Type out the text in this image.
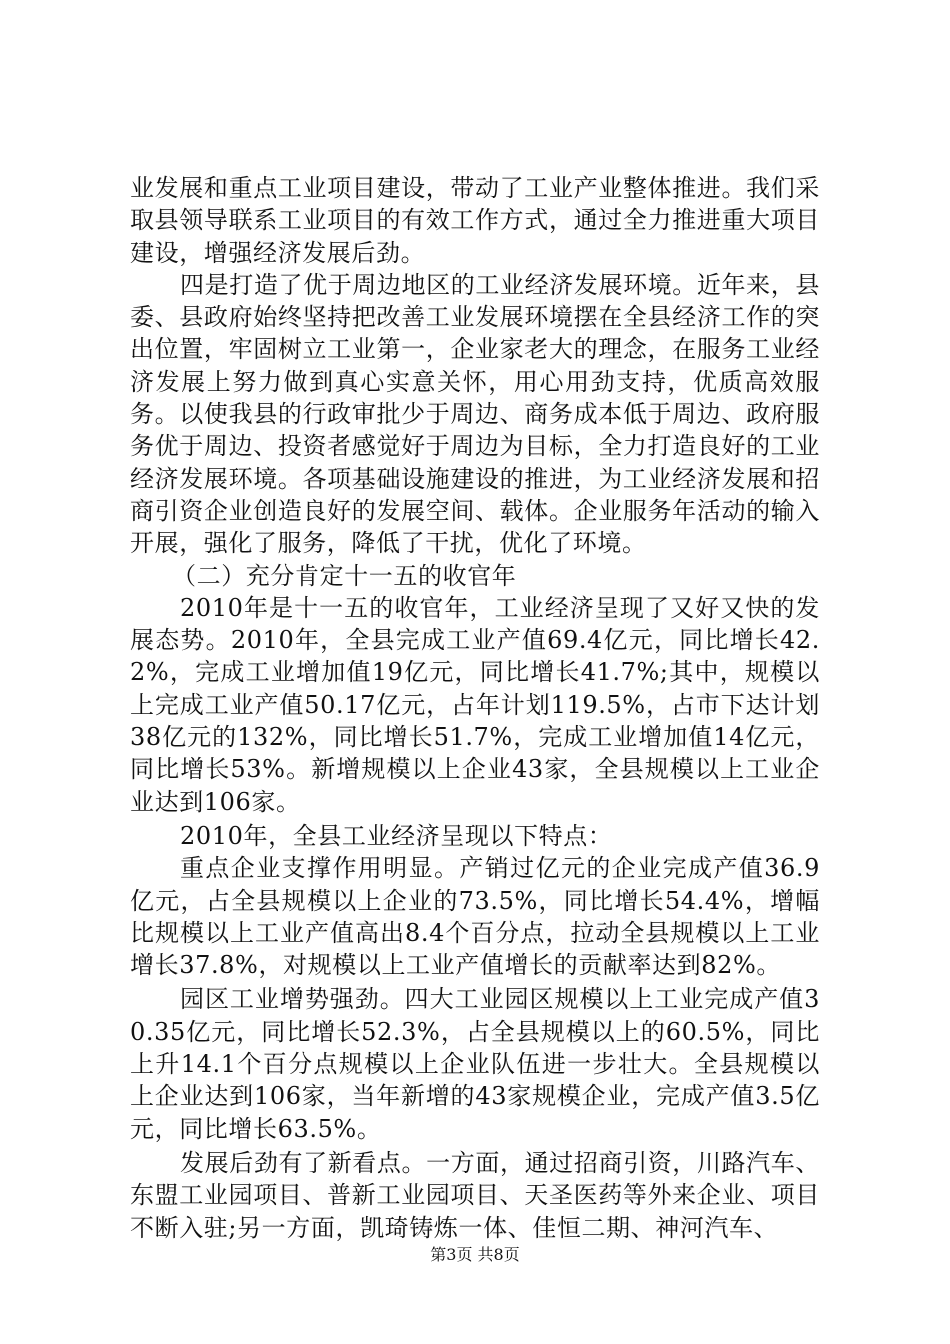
业发展和重点工业项目建设，带动了工业产业整体推进。我们采取县领导联系工业项目的有效工作方式，通过全力推进重大项目建设，增强经济发展后劲。

四是打造了优于周边地区的工业经济发展环境。近年来，县委、县政府始终坚持把改善工业发展环境摆在全县经济工作的突出位置，牢固树立工业第一，企业家老大的理念，在服务工业经济发展上努力做到真心实意关怀，用心用劲支持，优质高效服务。以使我县的行政审批少于周边、商务成本低于周边、政府服务优于周边、投资者感觉好于周边为目标，全力打造良好的工业经济发展环境。各项基础设施建设的推进，为工业经济发展和招商引资企业创造良好的发展空间、载体。企业服务年活动的输入开展，强化了服务，降低了干扰，优化了环境。

（二）充分肯定十一五的收官年

2010年是十一五的收官年，工业经济呈现了又好又快的发展态势。2010年，全县完成工业产值69.4亿元，同比增长42.2%，完成工业增加值19亿元，同比增长41.7%;其中，规模以上完成工业产值50.17亿元，占年计划119.5%，占市下达计划38亿元的132%，同比增长51.7%，完成工业增加值14亿元，同比增长53%。新增规模以上企业43家，全县规模以上工业企业达到106家。

2010年，全县工业经济呈现以下特点：

重点企业支撑作用明显。产销过亿元的企业完成产值36.9亿元，占全县规模以上企业的73.5%，同比增长54.4%，增幅比规模以上工业产值高出8.4个百分点，拉动全县规模以上工业增长37.8%，对规模以上工业产值增长的贡献率达到82%。

园区工业增势强劲。四大工业园区规模以上工业完成产值30.35亿元，同比增长52.3%，占全县规模以上的60.5%，同比上升14.1个百分点规模以上企业队伍进一步壮大。全县规模以上企业达到106家，当年新增的43家规模企业，完成产值3.5亿元，同比增长63.5%。

发展后劲有了新看点。一方面，通过招商引资，川路汽车、东盟工业园项目、普新工业园项目、天圣医药等外来企业、项目不断入驻;另一方面，凯琦铸炼一体、佳恒二期、神河汽车、

第3页 共8页
